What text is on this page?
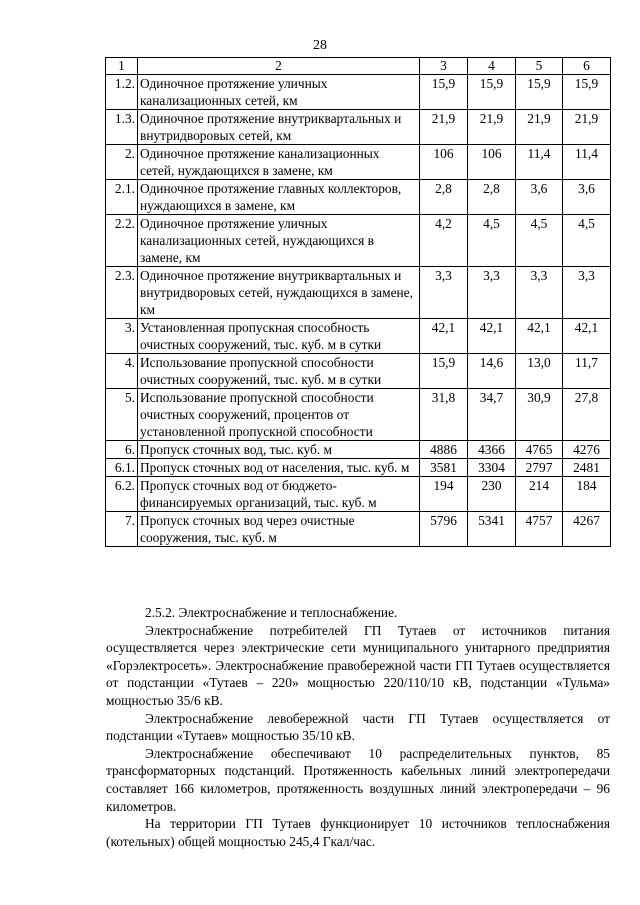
28
1	2	3	4	5	6
1.2.	Одиночное протяжение уличных канализационных сетей, км	15,9	15,9	15,9	15,9
1.3.	Одиночное протяжение внутриквартальных и внутридворовых сетей, км	21,9	21,9	21,9	21,9
2.	Одиночное протяжение канализационных сетей, нуждающихся в замене, км	106	106	11,4	11,4
2.1.	Одиночное протяжение главных коллекторов, нуждающихся в замене, км	2,8	2,8	3,6	3,6
2.2.	Одиночное протяжение уличных канализационных сетей, нуждающихся в замене, км	4,2	4,5	4,5	4,5
2.3.	Одиночное протяжение внутриквартальных и внутридворовых сетей, нуждающихся в замене, км	3,3	3,3	3,3	3,3
3.	Установленная пропускная способность очистных сооружений, тыс. куб. м в сутки	42,1	42,1	42,1	42,1
4.	Использование пропускной способности очистных сооружений, тыс. куб. м в сутки	15,9	14,6	13,0	11,7
5.	Использование пропускной способности очистных сооружений, процентов от установленной пропускной способности	31,8	34,7	30,9	27,8
6.	Пропуск сточных вод, тыс. куб. м	4886	4366	4765	4276
6.1.	Пропуск сточных вод от населения, тыс. куб. м	3581	3304	2797	2481
6.2.	Пропуск сточных вод от бюджето-финансируемых организаций, тыс. куб. м	194	230	214	184
7.	Пропуск сточных вод через очистные сооружения, тыс. куб. м	5796	5341	4757	4267

2.5.2. Электроснабжение и теплоснабжение.

Электроснабжение потребителей ГП Тутаев от источников питания осуществляется через электрические сети муниципального унитарного предприятия «Горэлектросеть». Электроснабжение правобережной части ГП Тутаев осуществляется от подстанции «Тутаев – 220» мощностью 220/110/10 кВ, подстанции «Тульма» мощностью 35/6 кВ.

Электроснабжение левобережной части ГП Тутаев осуществляется от подстанции «Тутаев» мощностью 35/10 кВ.

Электроснабжение обеспечивают 10 распределительных пунктов, 85 трансформаторных подстанций. Протяженность кабельных линий электропередачи составляет 166 километров, протяженность воздушных линий электропередачи – 96 километров.

На территории ГП Тутаев функционирует 10 источников теплоснабжения (котельных) общей мощностью 245,4 Гкал/час.
